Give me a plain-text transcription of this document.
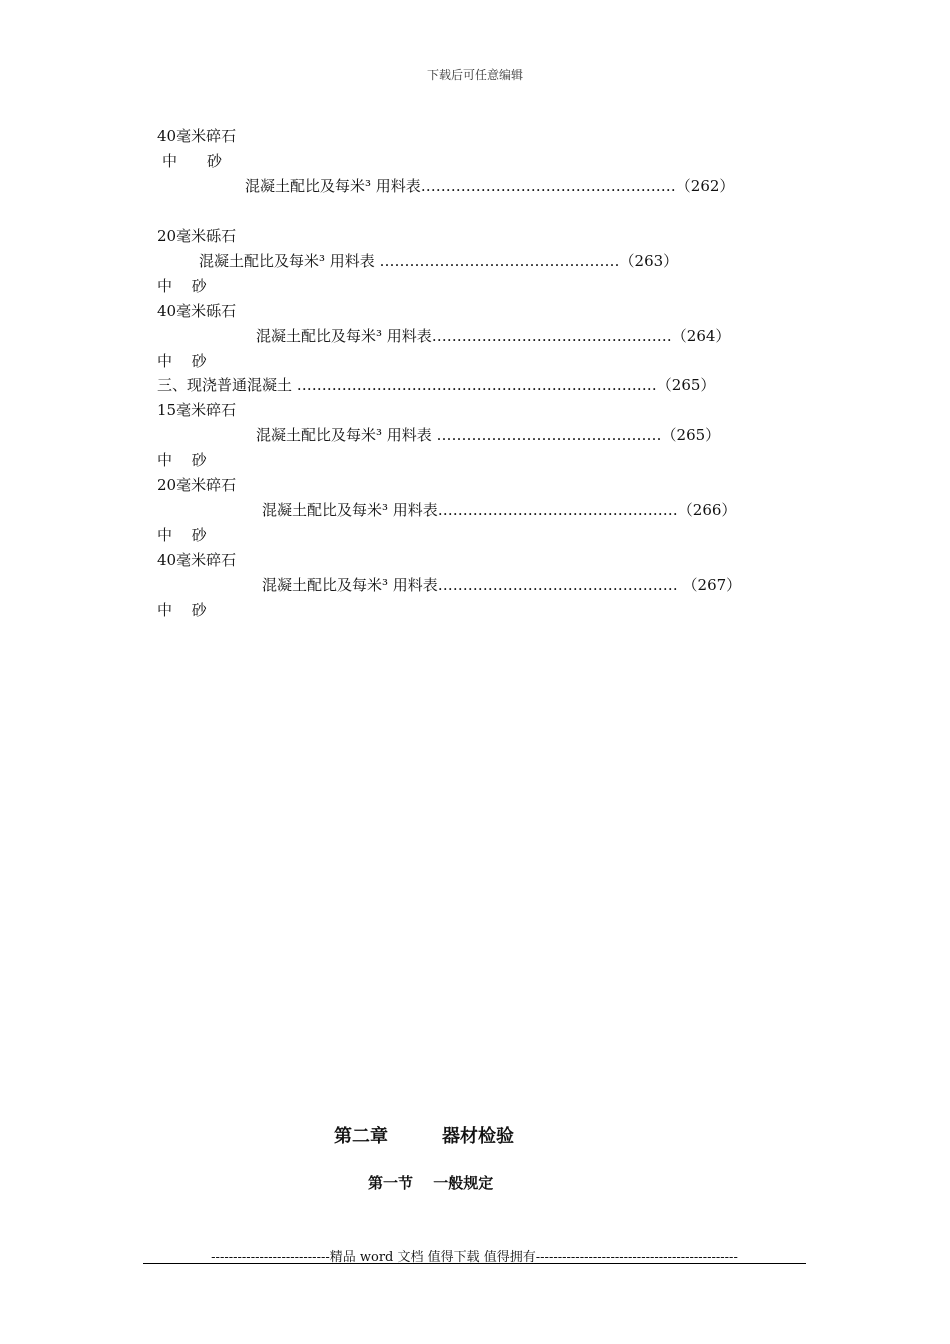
下载后可任意编辑
40毫米碎石
中　　砂
混凝土配比及每米³ 用料表……………………………………………（262）
20毫米砾石
混凝土配比及每米³ 用料表 …………………………………………（263）
中　 砂
40毫米砾石
混凝土配比及每米³ 用料表…………………………………………（264）
中　 砂
三、现浇普通混凝土 ………………………………………………………………（265）
15毫米碎石
混凝土配比及每米³ 用料表 ………………………………………（265）
中　 砂
20毫米碎石
混凝土配比及每米³ 用料表…………………………………………（266）
中　 砂
40毫米碎石
混凝土配比及每米³ 用料表………………………………………… （267）
中　 砂
第二章　　　器材检验
第一节　 一般规定
---------------------------精品 word 文档 值得下载 值得拥有----------------------------------------------
